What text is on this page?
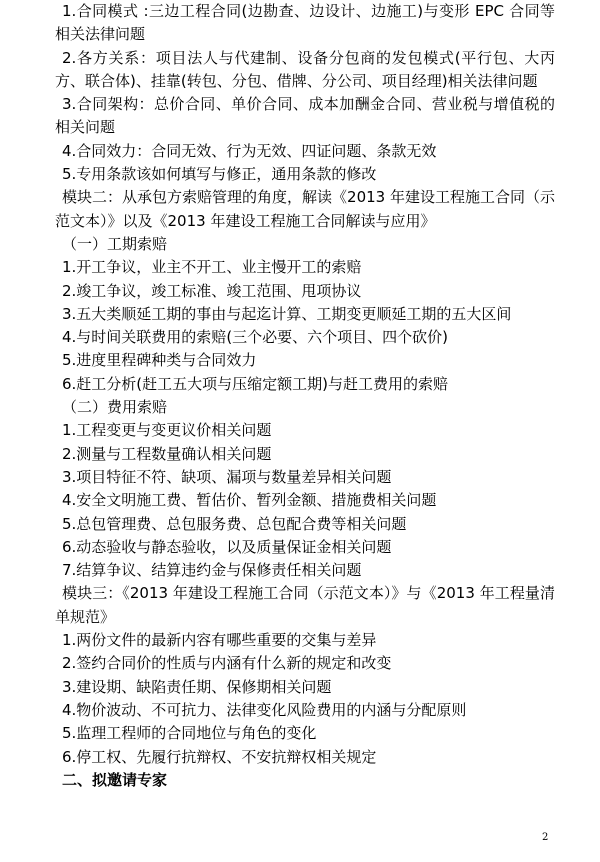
1.合同模式 :三边工程合同(边勘查、边设计、边施工)与变形 EPC 合同等相关法律问题

2.各方关系：项目法人与代建制、设备分包商的发包模式(平行包、大丙方、联合体)、挂靠(转包、分包、借牌、分公司、项目经理)相关法律问题

3.合同架构：总价合同、单价合同、成本加酬金合同、营业税与增值税的相关问题

4.合同效力：合同无效、行为无效、四证问题、条款无效

5.专用条款该如何填写与修正，通用条款的修改

模块二：从承包方索赔管理的角度，解读《2013 年建设工程施工合同（示范文本）》以及《2013 年建设工程施工合同解读与应用》

（一）工期索赔

1.开工争议，业主不开工、业主慢开工的索赔

2.竣工争议，竣工标准、竣工范围、甩项协议

3.五大类顺延工期的事由与起迄计算、工期变更顺延工期的五大区间

4.与时间关联费用的索赔(三个必要、六个项目、四个砍价)

5.进度里程碑种类与合同效力

6.赶工分析(赶工五大项与压缩定额工期)与赶工费用的索赔

（二）费用索赔

1.工程变更与变更议价相关问题

2.测量与工程数量确认相关问题

3.项目特征不符、缺项、漏项与数量差异相关问题

4.安全文明施工费、暂估价、暂列金额、措施费相关问题

5.总包管理费、总包服务费、总包配合费等相关问题

6.动态验收与静态验收，以及质量保证金相关问题

7.结算争议、结算违约金与保修责任相关问题

模块三：《2013 年建设工程施工合同（示范文本）》与《2013 年工程量清单规范》

1.两份文件的最新内容有哪些重要的交集与差异

2.签约合同价的性质与内涵有什么新的规定和改变

3.建设期、缺陷责任期、保修期相关问题

4.物价波动、不可抗力、法律变化风险费用的内涵与分配原则

5.监理工程师的合同地位与角色的变化

6.停工权、先履行抗辩权、不安抗辩权相关规定

二、拟邀请专家

2
